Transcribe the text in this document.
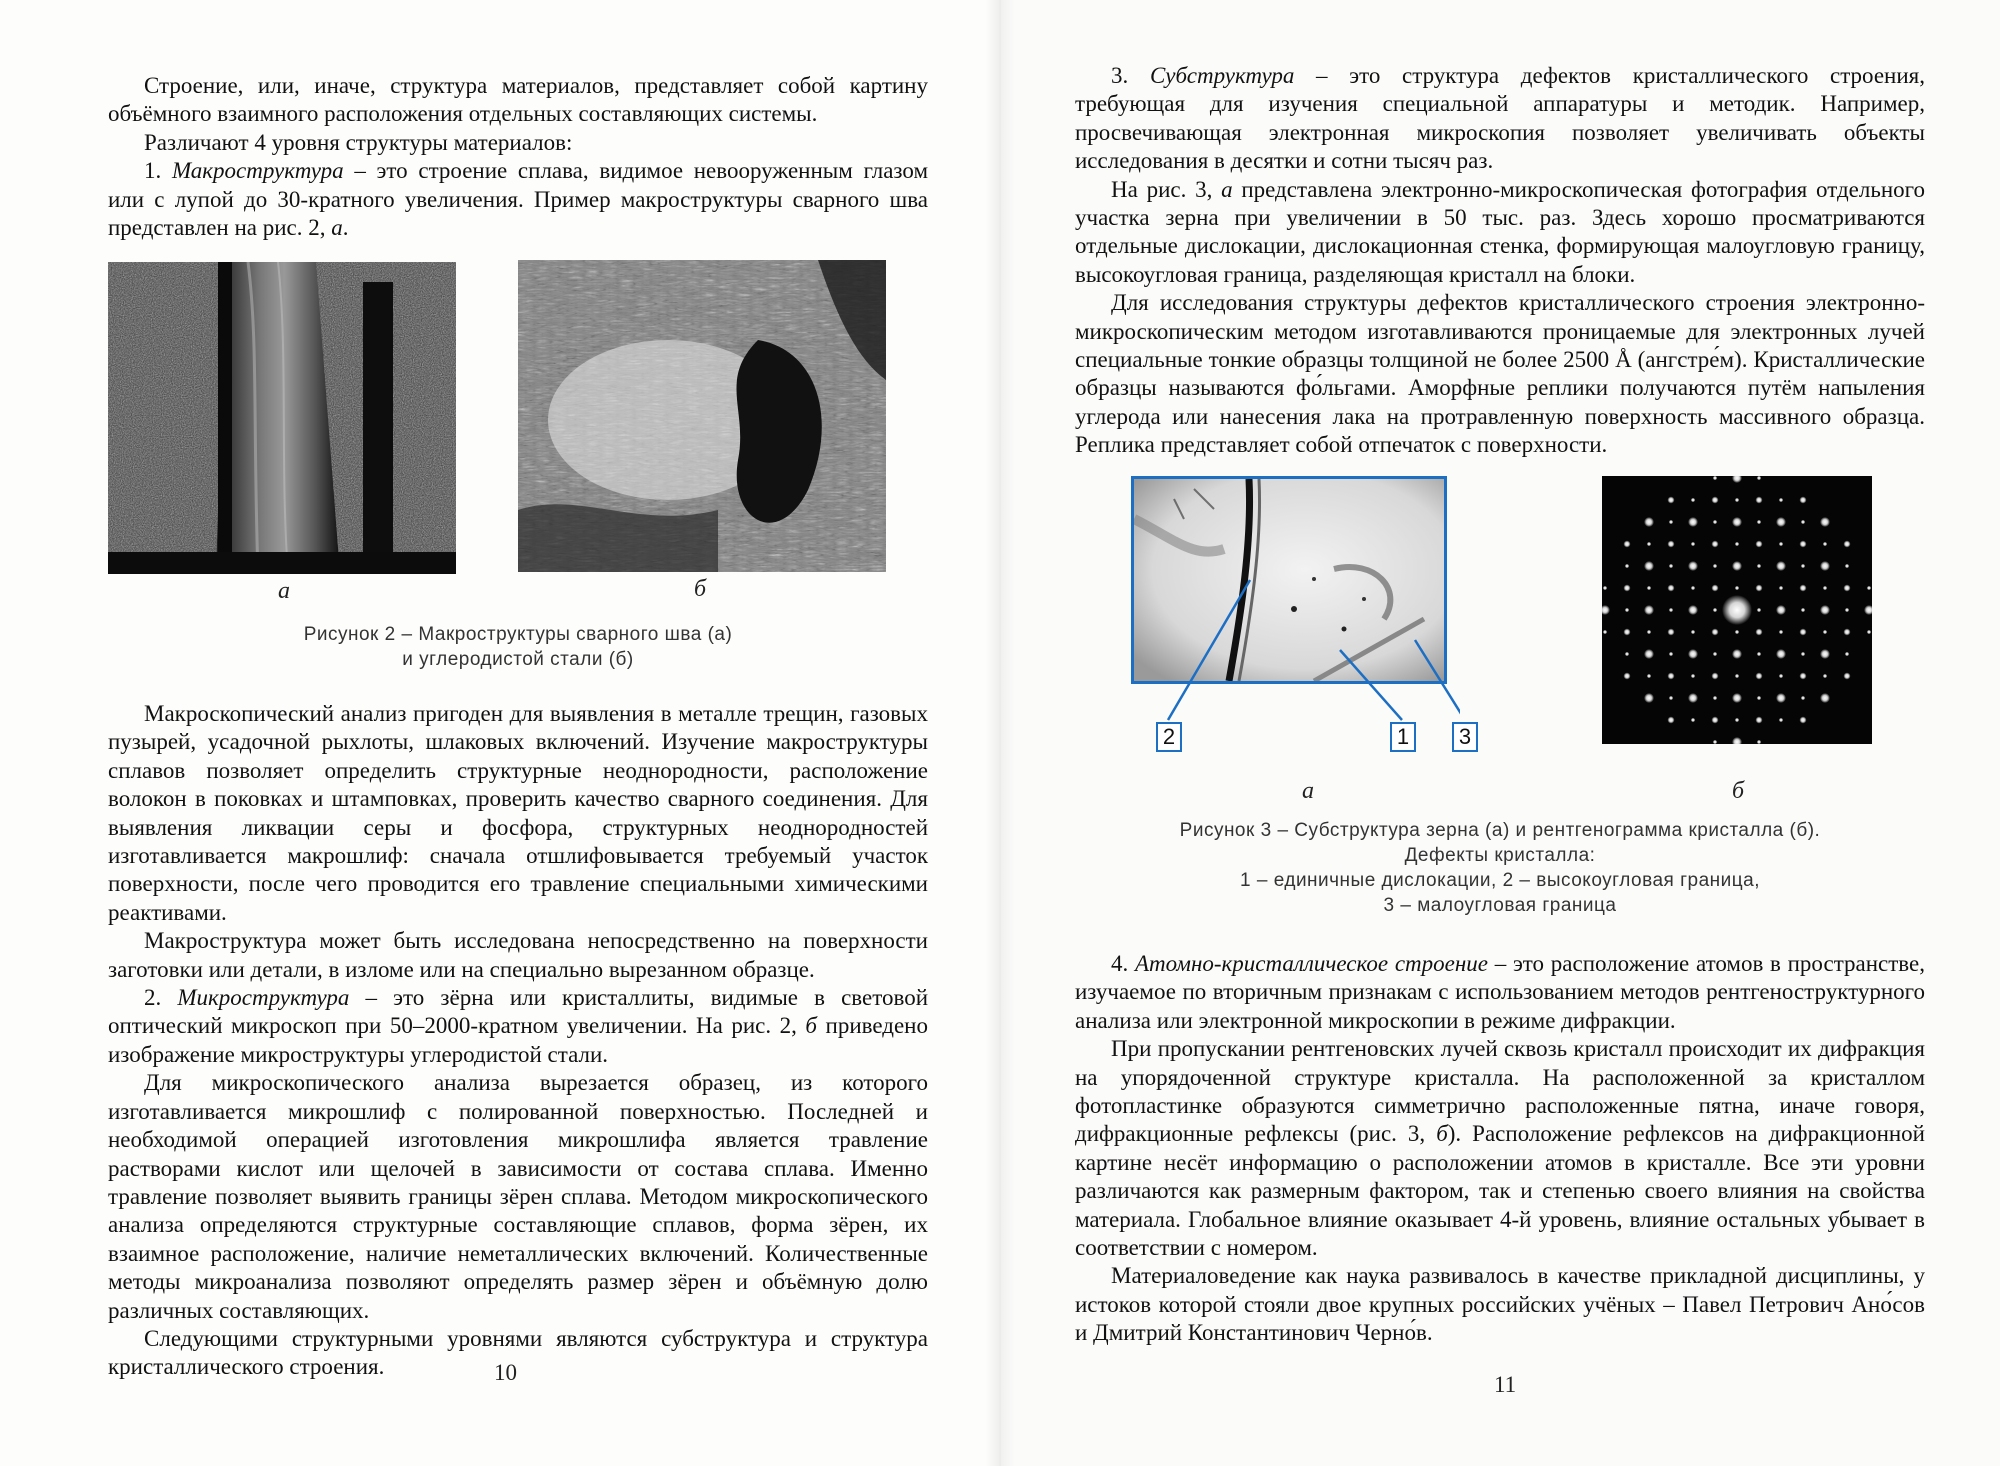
Строение, или, иначе, структура материалов, представляет собой картину объёмного взаимного расположения отдельных составляющих системы.

Различают 4 уровня структуры материалов:

1. Макроструктура – это строение сплава, видимое невооруженным глазом или с лупой до 30-кратного увеличения. Пример макроструктуры сварного шва представлен на рис. 2, а.

а	б
Рисунок 2 – Макроструктуры сварного шва (а)
и углеродистой стали (б)

Макроскопический анализ пригоден для выявления в металле трещин, газовых пузырей, усадочной рыхлоты, шлаковых включений. Изучение макроструктуры сплавов позволяет определить структурные неоднородности, расположение волокон в поковках и штамповках, проверить качество сварного соединения. Для выявления ликвации серы и фосфора, структурных неоднородностей изготавливается макрошлиф: сначала отшлифовывается требуемый участок поверхности, после чего проводится его травление специальными химическими реактивами.

Макроструктура может быть исследована непосредственно на поверхности заготовки или детали, в изломе или на специально вырезанном образце.

2. Микроструктура – это зёрна или кристаллиты, видимые в световой оптический микроскоп при 50–2000-кратном увеличении. На рис. 2, б приведено изображение микроструктуры углеродистой стали.

Для микроскопического анализа вырезается образец, из которого изготавливается микрошлиф с полированной поверхностью. Последней и необходимой операцией изготовления микрошлифа является травление растворами кислот или щелочей в зависимости от состава сплава. Именно травление позволяет выявить границы зёрен сплава. Методом микроскопического анализа определяются структурные составляющие сплавов, форма зёрен, их взаимное расположение, наличие неметаллических включений. Количественные методы микроанализа позволяют определять размер зёрен и объёмную долю различных составляющих.

Следующими структурными уровнями являются субструктура и структура кристаллического строения.	10

3. Субструктура – это структура дефектов кристаллического строения, требующая для изучения специальной аппаратуры и методик. Например, просвечивающая электронная микроскопия позволяет увеличивать объекты исследования в десятки и сотни тысяч раз.

На рис. 3, а представлена электронно-микроскопическая фотография отдельного участка зерна при увеличении в 50 тыс. раз. Здесь хорошо просматриваются отдельные дислокации, дислокационная стенка, формирующая малоугловую границу, высокоугловая граница, разделяющая кристалл на блоки.

Для исследования структуры дефектов кристаллического строения электронно-микроскопическим методом изготавливаются проницаемые для электронных лучей специальные тонкие образцы толщиной не более 2500 Å (ангстре́м). Кристаллические образцы называются фо́льгами. Аморфные реплики получаются путём напыления углерода или нанесения лака на протравленную поверхность массивного образца. Реплика представляет собой отпечаток с поверхности.

2	1	3
а	б
Рисунок 3 – Субструктура зерна (а) и рентгенограмма кристалла (б).
Дефекты кристалла:
1 – единичные дислокации, 2 – высокоугловая граница,
3 – малоугловая граница

4. Атомно-кристаллическое строение – это расположение атомов в пространстве, изучаемое по вторичным признакам с использованием методов рентгеноструктурного анализа или электронной микроскопии в режиме дифракции.

При пропускании рентгеновских лучей сквозь кристалл происходит их дифракция на упорядоченной структуре кристалла. На расположенной за кристаллом фотопластинке образуются симметрично расположенные пятна, иначе говоря, дифракционные рефлексы (рис. 3, б). Расположение рефлексов на дифракционной картине несёт информацию о расположении атомов в кристалле. Все эти уровни различаются как размерным фактором, так и степенью своего влияния на свойства материала. Глобальное влияние оказывает 4-й уровень, влияние остальных убывает в соответствии с номером.

Материаловедение как наука развивалось в качестве прикладной дисциплины, у истоков которой стояли двое крупных российских учёных – Павел Петрович Ано́сов и Дмитрий Константинович Черно́в.

11
